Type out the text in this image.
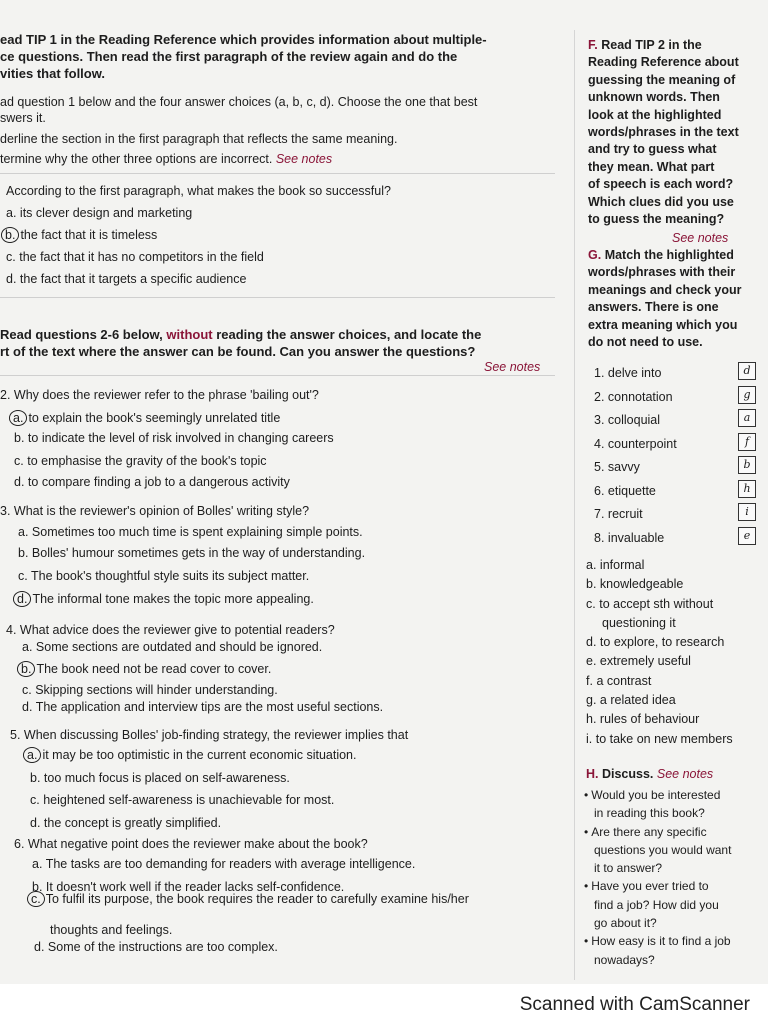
ead TIP 1 in the Reading Reference which provides information about multiple-
ce questions. Then read the first paragraph of the review again and do the
vities that follow.
ad question 1 below and the four answer choices (a, b, c, d). Choose the one that best
swers it.
derline the section in the first paragraph that reflects the same meaning.
termine why the other three options are incorrect. See notes
According to the first paragraph, what makes the book so successful?
a. its clever design and marketing
b. the fact that it is timeless
c. the fact that it has no competitors in the field
d. the fact that it targets a specific audience
Read questions 2-6 below, without reading the answer choices, and locate the
rt of the text where the answer can be found. Can you answer the questions?
See notes
2. Why does the reviewer refer to the phrase 'bailing out'?
a. to explain the book's seemingly unrelated title
b. to indicate the level of risk involved in changing careers
c. to emphasise the gravity of the book's topic
d. to compare finding a job to a dangerous activity
3. What is the reviewer's opinion of Bolles' writing style?
a. Sometimes too much time is spent explaining simple points.
b. Bolles' humour sometimes gets in the way of understanding.
c. The book's thoughtful style suits its subject matter.
d. The informal tone makes the topic more appealing.
4. What advice does the reviewer give to potential readers?
a. Some sections are outdated and should be ignored.
b. The book need not be read cover to cover.
c. Skipping sections will hinder understanding.
d. The application and interview tips are the most useful sections.
5. When discussing Bolles' job-finding strategy, the reviewer implies that
a. it may be too optimistic in the current economic situation.
b. too much focus is placed on self-awareness.
c. heightened self-awareness is unachievable for most.
d. the concept is greatly simplified.
6. What negative point does the reviewer make about the book?
a. The tasks are too demanding for readers with average intelligence.
b. It doesn't work well if the reader lacks self-confidence.
c. To fulfil its purpose, the book requires the reader to carefully examine his/her
thoughts and feelings.
d. Some of the instructions are too complex.
F. Read TIP 2 in the
Reading Reference about
guessing the meaning of
unknown words. Then
look at the highlighted
words/phrases in the text
and try to guess what
they mean. What part
of speech is each word?
Which clues did you use
to guess the meaning?
See notes
G. Match the highlighted
words/phrases with their
meanings and check your
answers. There is one
extra meaning which you
do not need to use.
1. delve into	d
2. connotation	g
3. colloquial	a
4. counterpoint	f
5. savvy	b
6. etiquette	h
7. recruit	i
8. invaluable	e
a. informal
b. knowledgeable
c. to accept sth without
questioning it
d. to explore, to research
e. extremely useful
f. a contrast
g. a related idea
h. rules of behaviour
i. to take on new members
H. Discuss. See notes
• Would you be interested
in reading this book?
• Are there any specific
questions you would want
it to answer?
• Have you ever tried to
find a job? How did you
go about it?
• How easy is it to find a job
nowadays?
Scanned with CamScanner
